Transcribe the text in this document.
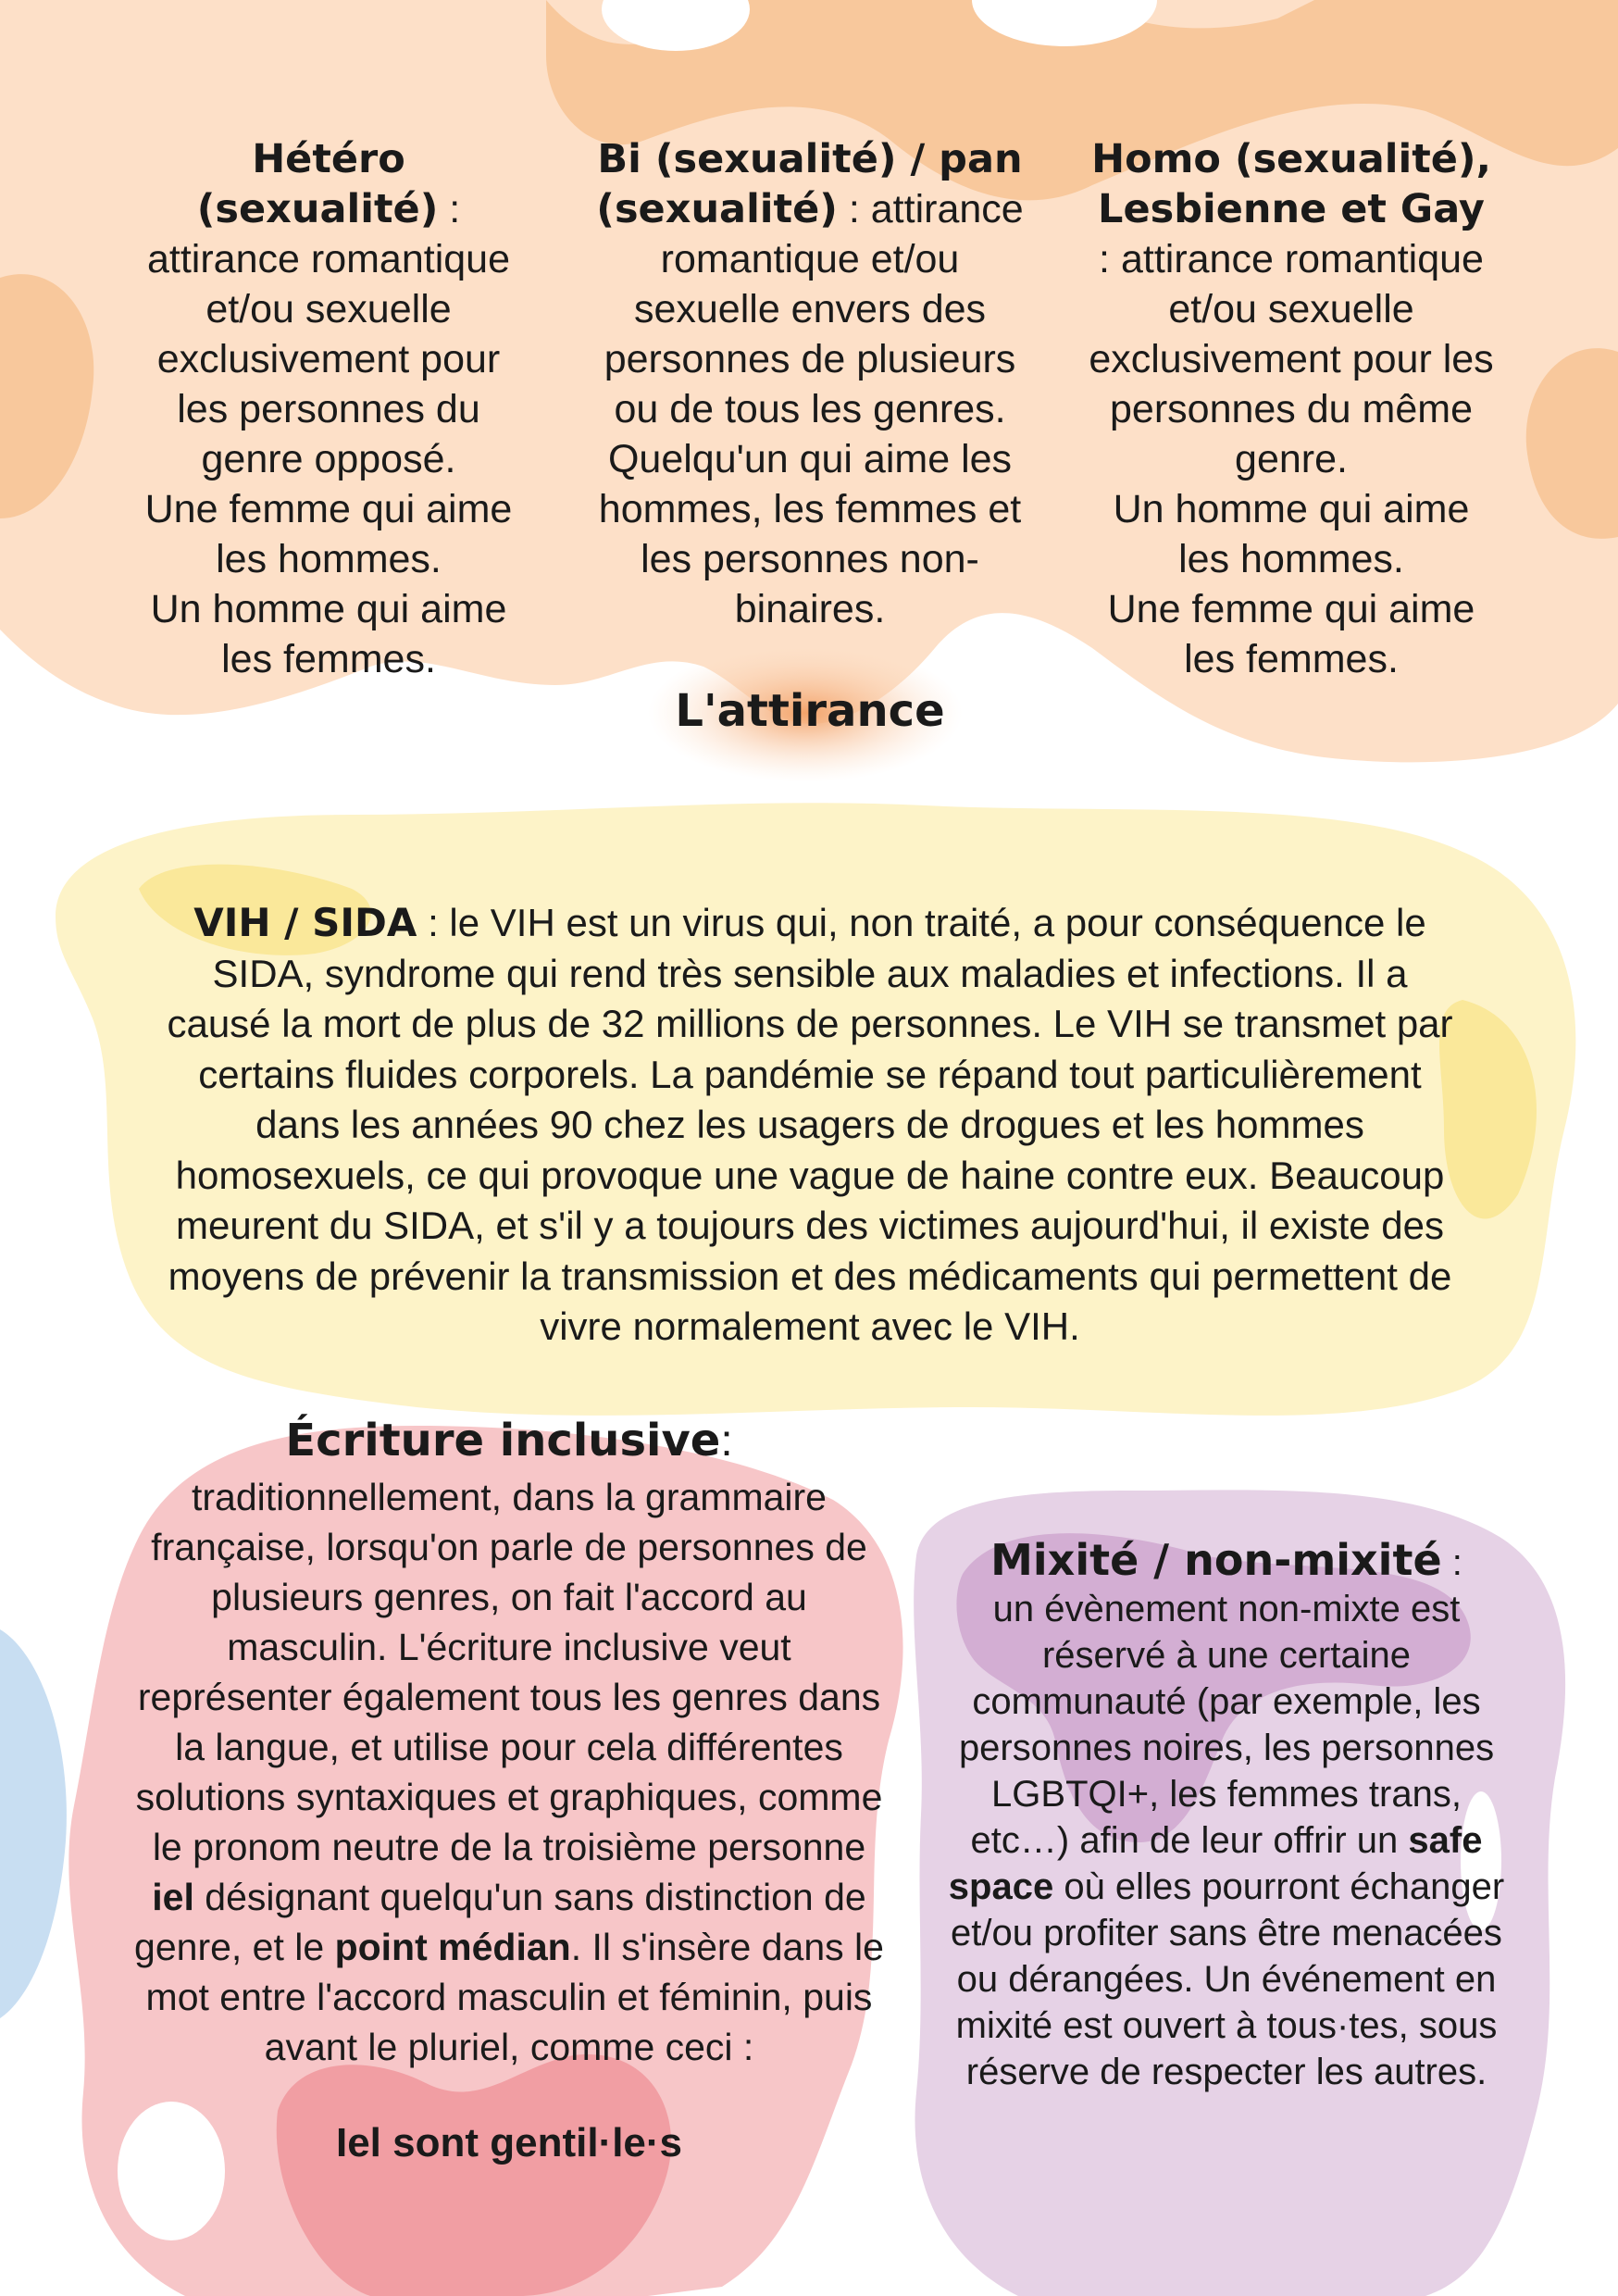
Hétéro (sexualité) : attirance romantique et/ou sexuelle exclusivement pour les personnes du genre opposé.
Une femme qui aime les hommes.
Un homme qui aime les femmes.
Bi (sexualité) / pan (sexualité) : attirance romantique et/ou sexuelle envers des personnes de plusieurs ou de tous les genres.
Quelqu'un qui aime les hommes, les femmes et les personnes non-binaires.
Homo (sexualité), Lesbienne et Gay : attirance romantique et/ou sexuelle exclusivement pour les personnes du même genre.
Un homme qui aime les hommes.
Une femme qui aime les femmes.
L'attirance
VIH / SIDA : le VIH est un virus qui, non traité, a pour conséquence le SIDA, syndrome qui rend très sensible aux maladies et infections. Il a causé la mort de plus de 32 millions de personnes. Le VIH se transmet par certains fluides corporels. La pandémie se répand tout particulièrement dans les années 90 chez les usagers de drogues et les hommes homosexuels, ce qui provoque une vague de haine contre eux. Beaucoup meurent du SIDA, et s'il y a toujours des victimes aujourd'hui, il existe des moyens de prévenir la transmission et des médicaments qui permettent de vivre normalement avec le VIH.
Écriture inclusive:
traditionnellement, dans la grammaire française, lorsqu'on parle de personnes de plusieurs genres, on fait l'accord au masculin. L'écriture inclusive veut représenter également tous les genres dans la langue, et utilise pour cela différentes solutions syntaxiques et graphiques, comme le pronom neutre de la troisième personne iel désignant quelqu'un sans distinction de genre, et le point médian. Il s'insère dans le mot entre l'accord masculin et féminin, puis avant le pluriel, comme ceci :
Iel sont gentil·le·s
Mixité / non-mixité :
un évènement non-mixte est réservé à une certaine communauté (par exemple, les personnes noires, les personnes LGBTQI+, les femmes trans, etc…) afin de leur offrir un safe space où elles pourront échanger et/ou profiter sans être menacées ou dérangées. Un événement en mixité est ouvert à tous·tes, sous réserve de respecter les autres.
